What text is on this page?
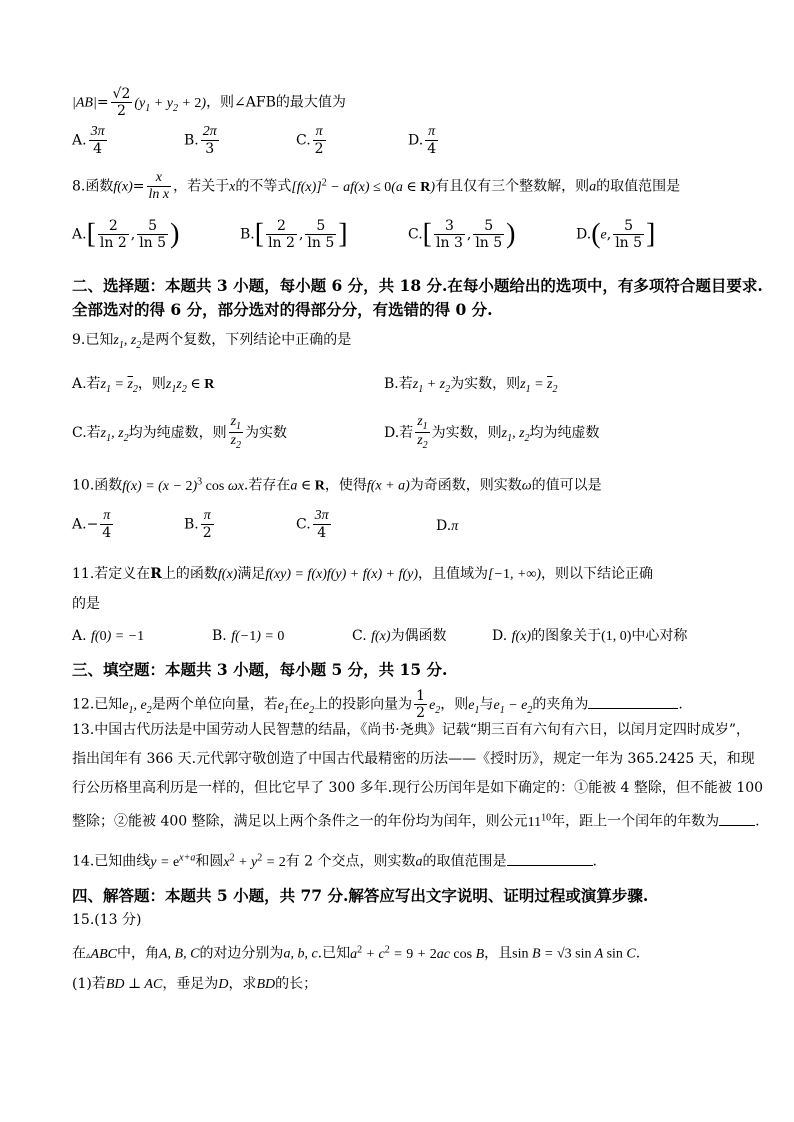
$|AB|= \frac{√2}{2} (y_1 + y_2 + 2)$，则∠AFB的最大值为
A. $\frac{3\pi}{4}$	B. $\frac{2\pi}{3}$	C. $\frac{\pi}{2}$	D. $\frac{\pi}{4}$
8.函数$f(x)= \frac{x}{\text{ln x}}$ ，若关于x的不等式$[f(x)]^2 - af(x) \le 0(a$ ∈ R)有且仅有三个整数解，则a的取值范围是
$A.[ \frac{2}{\ln 2}$ , $\frac{5}{\ln 5}$ )	$B.[ \frac{2}{\ln 2}$ , $\frac{5}{\ln 5}$ ]	$C.[ \frac{3}{\ln 3}$ , $\frac{5}{\ln 5}$ )	D.(e, $\frac{5}{\ln 5}$ ]
二、选择题：本题共 3 小题，每小题 6 分，共 18 分.在每小题给出的选项中，有多项符合题目要求.
全部选对的得 6 分，部分选对的得部分分，有选错的得 0 分.
9.已知$z_1$, $z_2$是两个复数，下列结论中正确的是
A.若$z_1 = \overline{z}_2$，则$z_1z_2$ ∈ R	B.若$z_1 + z_2$为实数，则$z_1 = \overline{z}_2$
C.若$z_1$, $z_2$均为纯虚数，则 $\frac{z_1}{z_2}$ 为实数	D.若 $\frac{z_1}{z_2}$ 为实数，则$z_1$, $z_2$均为纯虚数
10.函数$f(x) = (x - 2)^3$ cos ωx.若存在a ∈ R，使得f(x + a)为奇函数，则实数ω的值可以是
$A.- \frac{\pi}{4}$	B. $\frac{\pi}{2}$	C. $\frac{3\pi}{4}$	D.π
11.若定义在R上的函数f(x)满足f(xy) = f(x)f(y) + f(x) + f(y)，且值域为[−1, +∞)，则以下结论正确
的是
A. f(0) = −1	B. f(−1) = 0	C. f(x)为偶函数	D. f(x)的图象关于(1, 0)中心对称
三、填空题：本题共 3 小题，每小题 5 分，共 15 分.
12.已知$e_1$, $e_2$是两个单位向量，若$e_1$在$e_2$上的投影向量为 $\frac{1}{2} e_2$，则$e_1$与$e_1 - e_2$的夹角为	.
13.中国古代历法是中国劳动人民智慧的结晶，《尚书·尧典》记载“期三百有六旬有六日，以闰月定四时成岁”，
指出闰年有 366 天.元代郭守敬创造了中国古代最精密的历法——《授时历》，规定一年为 365.2425 天，和现
行公历格里高利历是一样的，但比它早了 300 多年.现行公历闰年是如下确定的：①能被 4 整除，但不能被 100
整除；②能被 400 整除，满足以上两个条件之一的年份均为闰年，则公元$11^{10}$年，距上一个闰年的年数为	.
14.已知曲线$y = e^{x+a}$和圆$x^2 + y^2 = 2$有 2 个交点，则实数a的取值范围是	.
四、解答题：本题共 5 小题，共 77 分.解答应写出文字说明、证明过程或演算步骤.
15.(13 分)
在▵ABC中，角A, B, C的对边分别为a, b, c.已知$a^2 + c^2 = 9 + 2ac$ cos B，且sin B = √3 sin A sin C.
(1)若BD ⊥ AC，垂足为D，求BD的长；
